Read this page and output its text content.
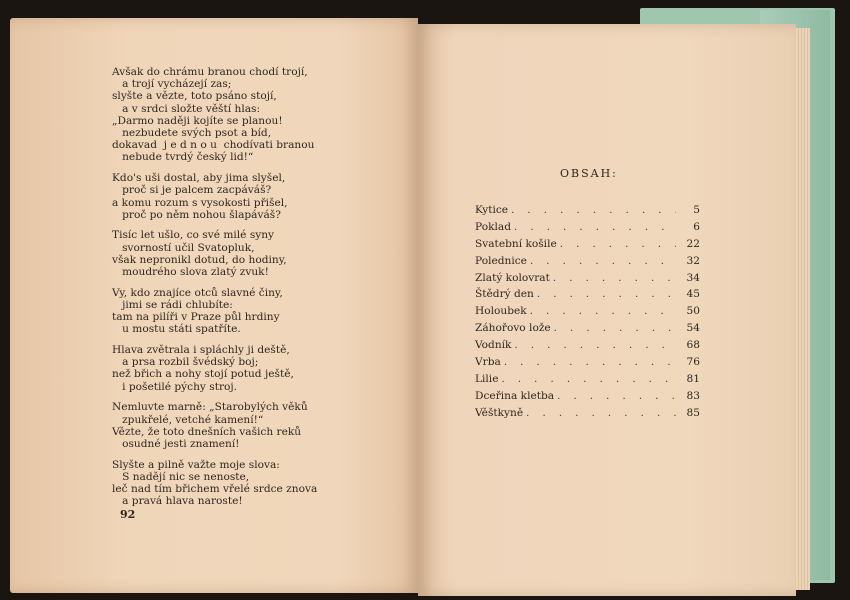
Avšak do chrámu branou chodí trojí,
a trojí vycházejí zas;
slyšte a vězte, toto psáno stojí,
a v srdci složte věští hlas:
„Darmo naději kojíte se planou!
nezbudete svých psot a bíd,
dokavad  j e d n o u  chodívati branou
nebude tvrdý český lid!“
Kdo's uši dostal, aby jima slyšel,
proč si je palcem zacpáváš?
a komu rozum s vysokosti přišel,
proč po něm nohou šlapáváš?
Tisíc let ušlo, co své milé syny
svorností učil Svatopluk,
však nepronikl dotud, do hodiny,
moudrého slova zlatý zvuk!
Vy, kdo znajíce otců slavné činy,
jimi se rádi chlubíte:
tam na pilíři v Praze půl hrdiny
u mostu státi spatříte.
Hlava zvětrala i spláchly ji deště,
a prsa rozbil švédský boj;
než břich a nohy stojí potud ještě,
i pošetilé pýchy stroj.
Nemluvte marně: „Starobylých věků
zpukřelé, vetché kamení!“
Vězte, že toto dnešních vašich reků
osudné jesti znamení!
Slyšte a pilně važte moje slova:
S nadějí nic se nenoste,
leč nad tím břichem vřelé srdce znova
a pravá hlava naroste!
92
OBSAH:
Kytice . . .	5
Poklad . . .	6
Svatební košile . . .	22
Polednice . . .	32
Zlatý kolovrat . . .	34
Štědrý den . . .	45
Holoubek . . .	50
Záhořovo lože . . .	54
Vodník . . .	68
Vrba . . .	76
Lilie . . .	81
Dceřina kletba . . .	83
Věštkyně . . .	85
